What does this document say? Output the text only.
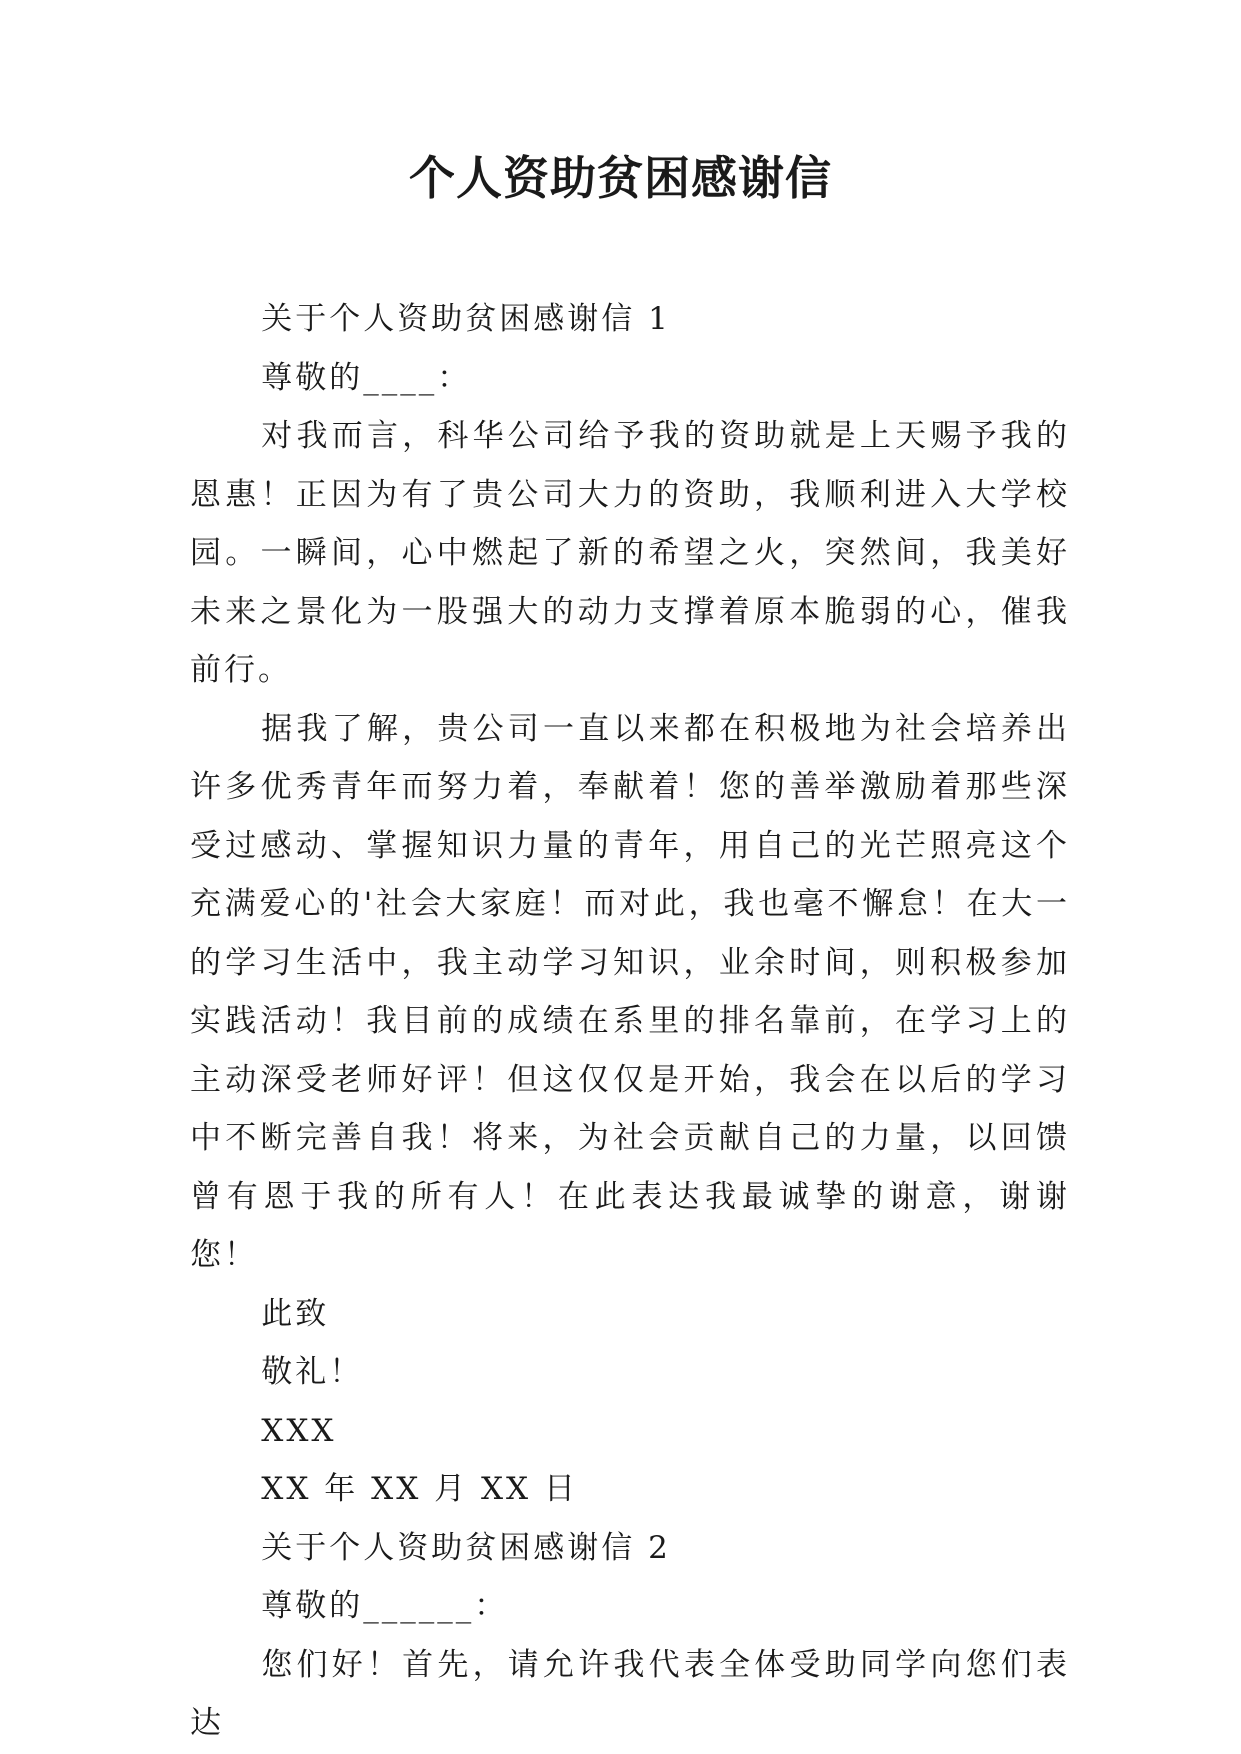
个人资助贫困感谢信

关于个人资助贫困感谢信 1

尊敬的____：

对我而言，科华公司给予我的资助就是上天赐予我的恩惠！正因为有了贵公司大力的资助，我顺利进入大学校园。一瞬间，心中燃起了新的希望之火，突然间，我美好未来之景化为一股强大的动力支撑着原本脆弱的心，催我前行。

据我了解，贵公司一直以来都在积极地为社会培养出许多优秀青年而努力着，奉献着！您的善举激励着那些深受过感动、掌握知识力量的青年，用自己的光芒照亮这个充满爱心的'社会大家庭！而对此，我也毫不懈怠！在大一的学习生活中，我主动学习知识，业余时间，则积极参加实践活动！我目前的成绩在系里的排名靠前，在学习上的主动深受老师好评！但这仅仅是开始，我会在以后的学习中不断完善自我！将来，为社会贡献自己的力量，以回馈曾有恩于我的所有人！在此表达我最诚挚的谢意，谢谢您！

此致

敬礼！

XXX

XX 年 XX 月 XX 日

关于个人资助贫困感谢信 2

尊敬的______：

您们好！首先，请允许我代表全体受助同学向您们表达
